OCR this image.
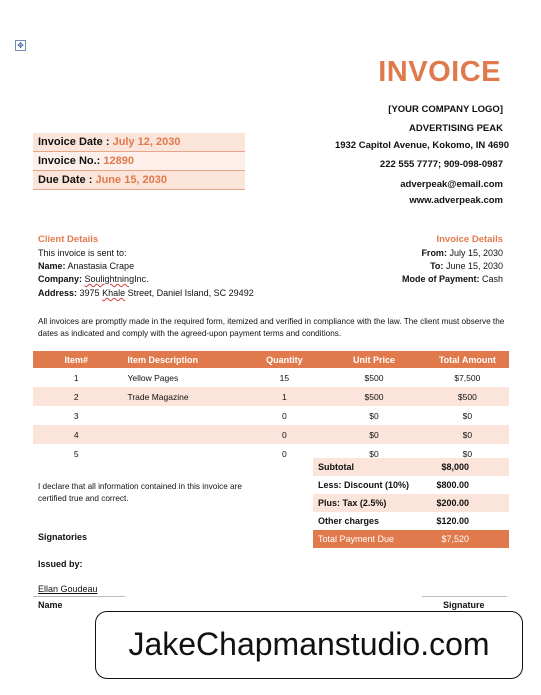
✥
INVOICE
[YOUR COMPANY LOGO]
ADVERTISING PEAK
1932 Capitol Avenue, Kokomo, IN 4690
222 555 7777; 909-098-0987
adverpeak@email.com
www.adverpeak.com
Invoice Date : July 12, 2030
Invoice No.: 12890
Due Date : June 15, 2030
Client Details
This invoice is sent to:
Name: Anastasia Crape
Company: SoulightningInc.
Address: 3975 Khale Street, Daniel Island, SC 29492
Invoice Details
From: July 15, 2030
To: June 15, 2030
Mode of Payment: Cash
All invoices are promptly made in the required form, itemized and verified in compliance with the law. The client must observe the dates as indicated and comply with the agreed-upon payment terms and conditions.
Item#	Item Description	Quantity	Unit Price	Total Amount
1	Yellow Pages	15	$500	$7,500
2	Trade Magazine	1	$500	$500
3		0	$0	$0
4		0	$0	$0
5		0	$0	$0
Subtotal	$8,000
Less: Discount (10%)	$800.00
Plus: Tax (2.5%)	$200.00
Other charges	$120.00
Total Payment Due	$7,520
I declare that all information contained in this invoice are certified true and correct.
Signatories
Issued by:
Ellan Goudeau
Name	Signature
JakeChapmanstudio.com
